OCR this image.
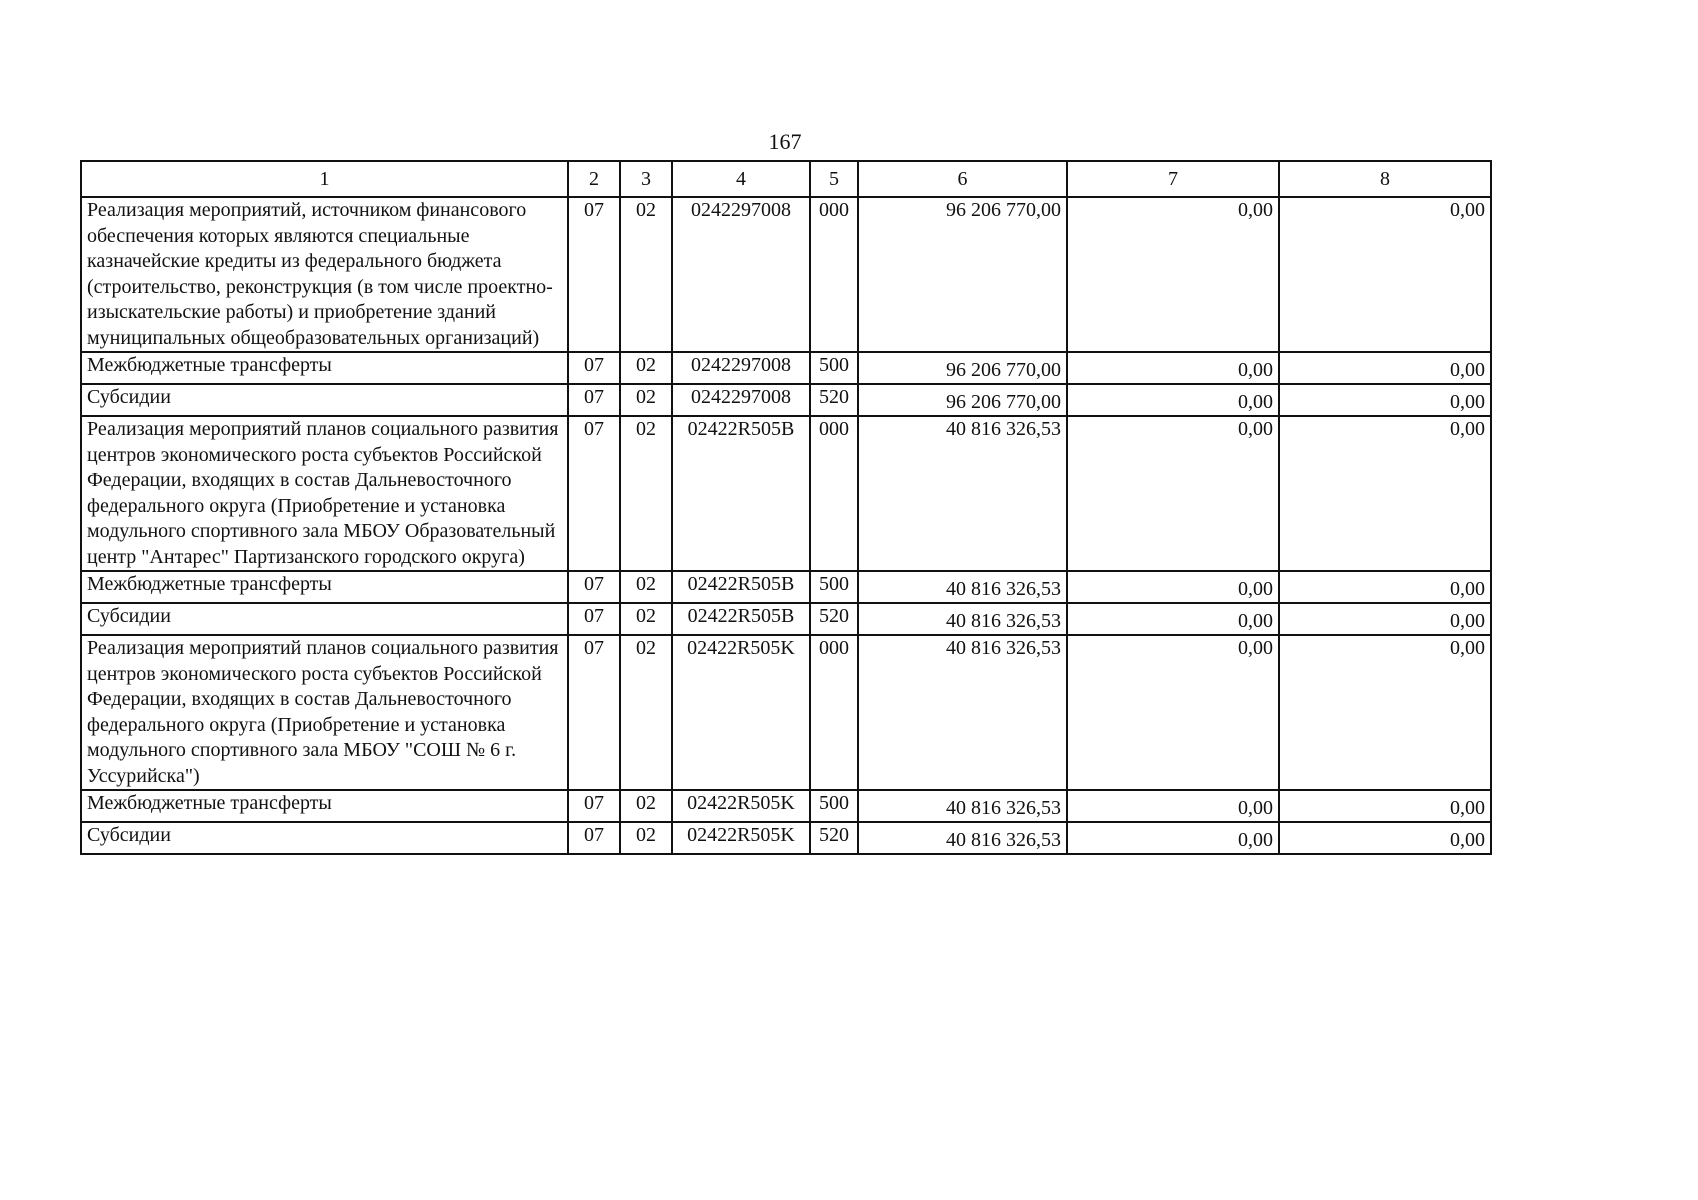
167
1	2	3	4	5	6	7	8
Реализация мероприятий, источником финансового обеспечения которых являются специальные казначейские кредиты из федерального бюджета (строительство, реконструкция (в том числе проектно-изыскательские работы) и приобретение зданий муниципальных общеобразовательных организаций)	07	02	0242297008	000	96 206 770,00	0,00	0,00
Межбюджетные трансферты	07	02	0242297008	500	96 206 770,00	0,00	0,00
Субсидии	07	02	0242297008	520	96 206 770,00	0,00	0,00
Реализация мероприятий планов социального развития центров экономического роста субъектов Российской Федерации, входящих в состав Дальневосточного федерального округа (Приобретение и установка модульного спортивного зала МБОУ Образовательный центр "Антарес" Партизанского городского округа)	07	02	02422R505B	000	40 816 326,53	0,00	0,00
Межбюджетные трансферты	07	02	02422R505B	500	40 816 326,53	0,00	0,00
Субсидии	07	02	02422R505B	520	40 816 326,53	0,00	0,00
Реализация мероприятий планов социального развития центров экономического роста субъектов Российской Федерации, входящих в состав Дальневосточного федерального округа (Приобретение и установка модульного спортивного зала МБОУ "СОШ № 6 г. Уссурийска")	07	02	02422R505K	000	40 816 326,53	0,00	0,00
Межбюджетные трансферты	07	02	02422R505K	500	40 816 326,53	0,00	0,00
Субсидии	07	02	02422R505K	520	40 816 326,53	0,00	0,00
